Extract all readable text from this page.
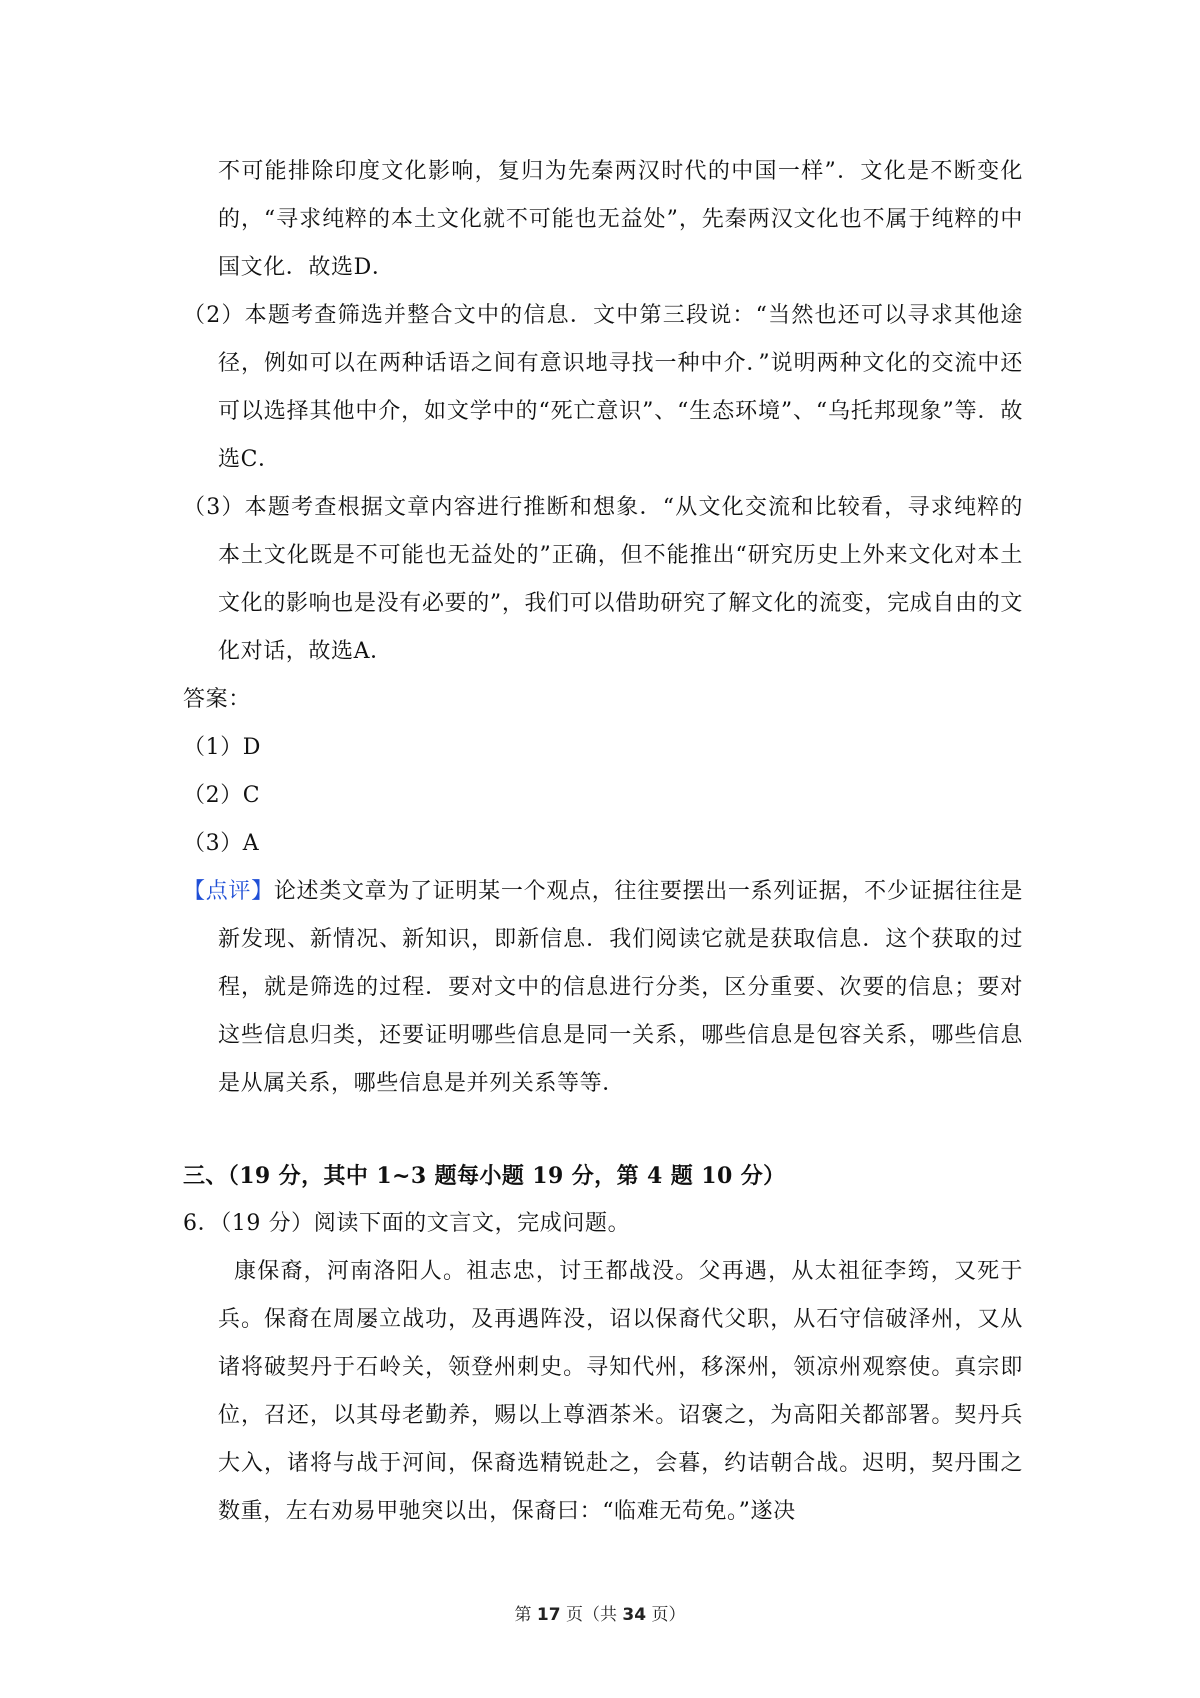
不可能排除印度文化影响，复归为先秦两汉时代的中国一样”．文化是不断变化的，“寻求纯粹的本土文化就不可能也无益处”，先秦两汉文化也不属于纯粹的中国文化．故选D．

（2）本题考查筛选并整合文中的信息．文中第三段说：“当然也还可以寻求其他途径，例如可以在两种话语之间有意识地寻找一种中介．”说明两种文化的交流中还可以选择其他中介，如文学中的“死亡意识”、“生态环境”、“乌托邦现象”等．故选C．

（3）本题考查根据文章内容进行推断和想象．“从文化交流和比较看，寻求纯粹的本土文化既是不可能也无益处的”正确，但不能推出“研究历史上外来文化对本土文化的影响也是没有必要的”，我们可以借助研究了解文化的流变，完成自由的文化对话，故选A．

答案：

（1）D

（2）C

（3）A

【点评】论述类文章为了证明某一个观点，往往要摆出一系列证据，不少证据往往是新发现、新情况、新知识，即新信息．我们阅读它就是获取信息．这个获取的过程，就是筛选的过程．要对文中的信息进行分类，区分重要、次要的信息；要对这些信息归类，还要证明哪些信息是同一关系，哪些信息是包容关系，哪些信息是从属关系，哪些信息是并列关系等等．

三、（19 分，其中 1~3 题每小题 19 分，第 4 题 10 分）

6．（19 分）阅读下面的文言文，完成问题。

康保裔，河南洛阳人。祖志忠，讨王都战没。父再遇，从太祖征李筠，又死于兵。保裔在周屡立战功，及再遇阵没，诏以保裔代父职，从石守信破泽州，又从诸将破契丹于石岭关，领登州刺史。寻知代州，移深州，领凉州观察使。真宗即位，召还，以其母老勤养，赐以上尊酒茶米。诏褒之，为高阳关都部署。契丹兵大入，诸将与战于河间，保裔选精锐赴之，会暮，约诘朝合战。迟明，契丹围之数重，左右劝易甲驰突以出，保裔曰：“临难无苟免。”遂决

第 17 页（共 34 页）
